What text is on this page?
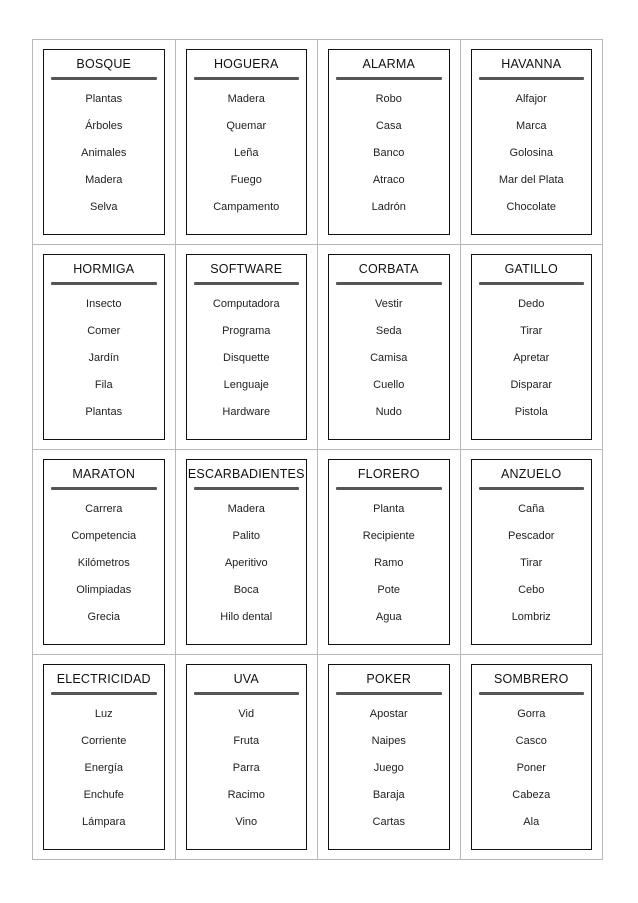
BOSQUE
Plantas
Árboles
Animales
Madera
Selva
HOGUERA
Madera
Quemar
Leña
Fuego
Campamento
ALARMA
Robo
Casa
Banco
Atraco
Ladrón
HAVANNA
Alfajor
Marca
Golosina
Mar del Plata
Chocolate
HORMIGA
Insecto
Comer
Jardín
Fila
Plantas
SOFTWARE
Computadora
Programa
Disquette
Lenguaje
Hardware
CORBATA
Vestir
Seda
Camisa
Cuello
Nudo
GATILLO
Dedo
Tirar
Apretar
Disparar
Pistola
MARATON
Carrera
Competencia
Kilómetros
Olimpiadas
Grecia
ESCARBADIENTES
Madera
Palito
Aperitivo
Boca
Hilo dental
FLORERO
Planta
Recipiente
Ramo
Pote
Agua
ANZUELO
Caña
Pescador
Tirar
Cebo
Lombriz
ELECTRICIDAD
Luz
Corriente
Energía
Enchufe
Lámpara
UVA
Vid
Fruta
Parra
Racimo
Vino
POKER
Apostar
Naipes
Juego
Baraja
Cartas
SOMBRERO
Gorra
Casco
Poner
Cabeza
Ala
